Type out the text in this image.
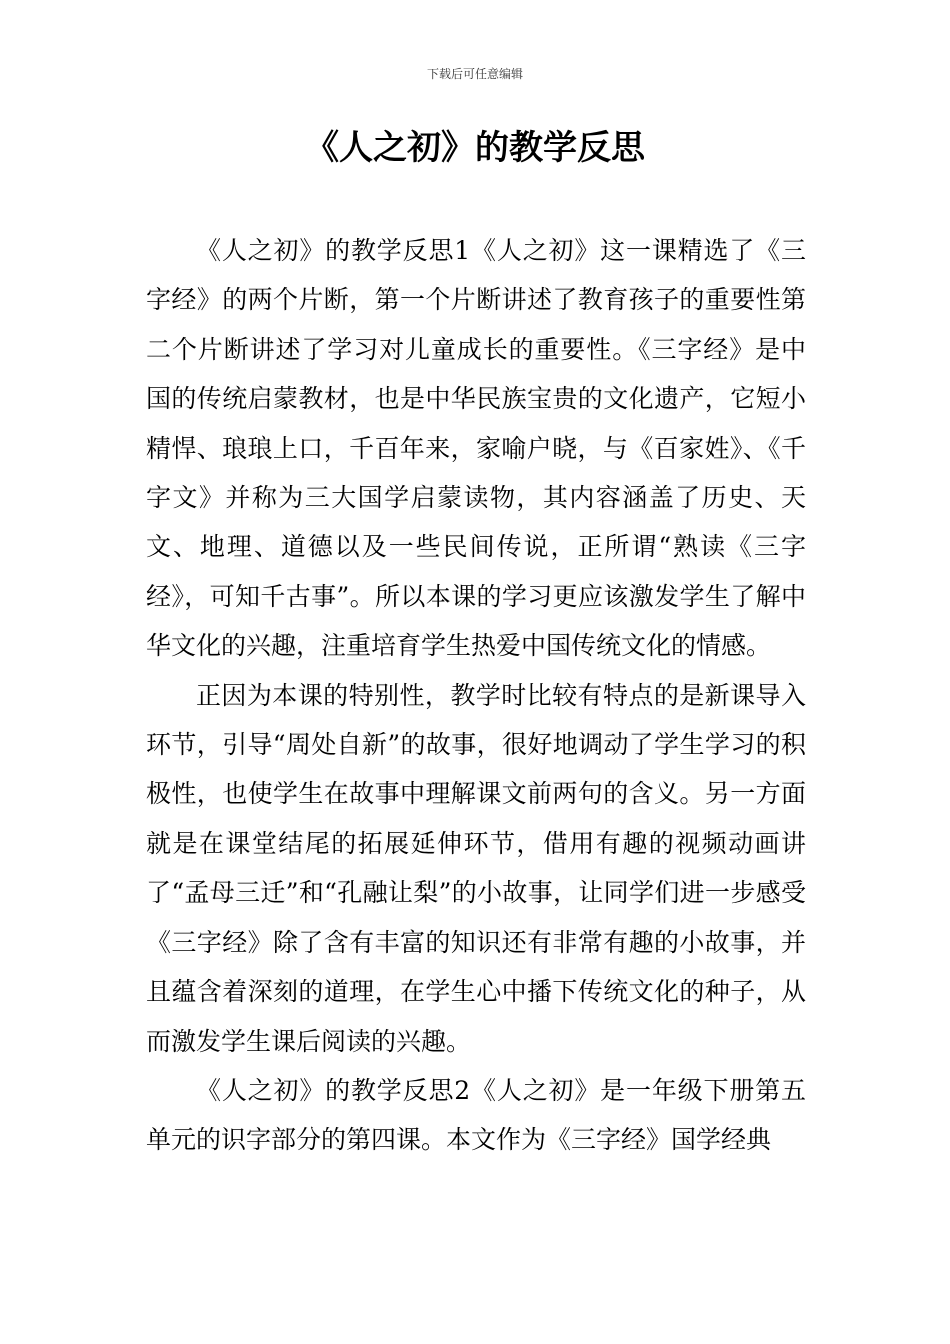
下载后可任意编辑
《人之初》的教学反思

《人之初》的教学反思1《人之初》这一课精选了《三字经》的两个片断，第一个片断讲述了教育孩子的重要性第二个片断讲述了学习对儿童成长的重要性。《三字经》是中国的传统启蒙教材，也是中华民族宝贵的文化遗产，它短小精悍、琅琅上口，千百年来，家喻户晓，与《百家姓》、《千字文》并称为三大国学启蒙读物，其内容涵盖了历史、天文、地理、道德以及一些民间传说，正所谓“熟读《三字经》，可知千古事”。所以本课的学习更应该激发学生了解中华文化的兴趣，注重培育学生热爱中国传统文化的情感。

正因为本课的特别性，教学时比较有特点的是新课导入环节，引导“周处自新”的故事，很好地调动了学生学习的积极性，也使学生在故事中理解课文前两句的含义。另一方面就是在课堂结尾的拓展延伸环节，借用有趣的视频动画讲了“孟母三迁”和“孔融让梨”的小故事，让同学们进一步感受《三字经》除了含有丰富的知识还有非常有趣的小故事，并且蕴含着深刻的道理，在学生心中播下传统文化的种子，从而激发学生课后阅读的兴趣。

《人之初》的教学反思2《人之初》是一年级下册第五单元的识字部分的第四课。本文作为《三字经》国学经典
